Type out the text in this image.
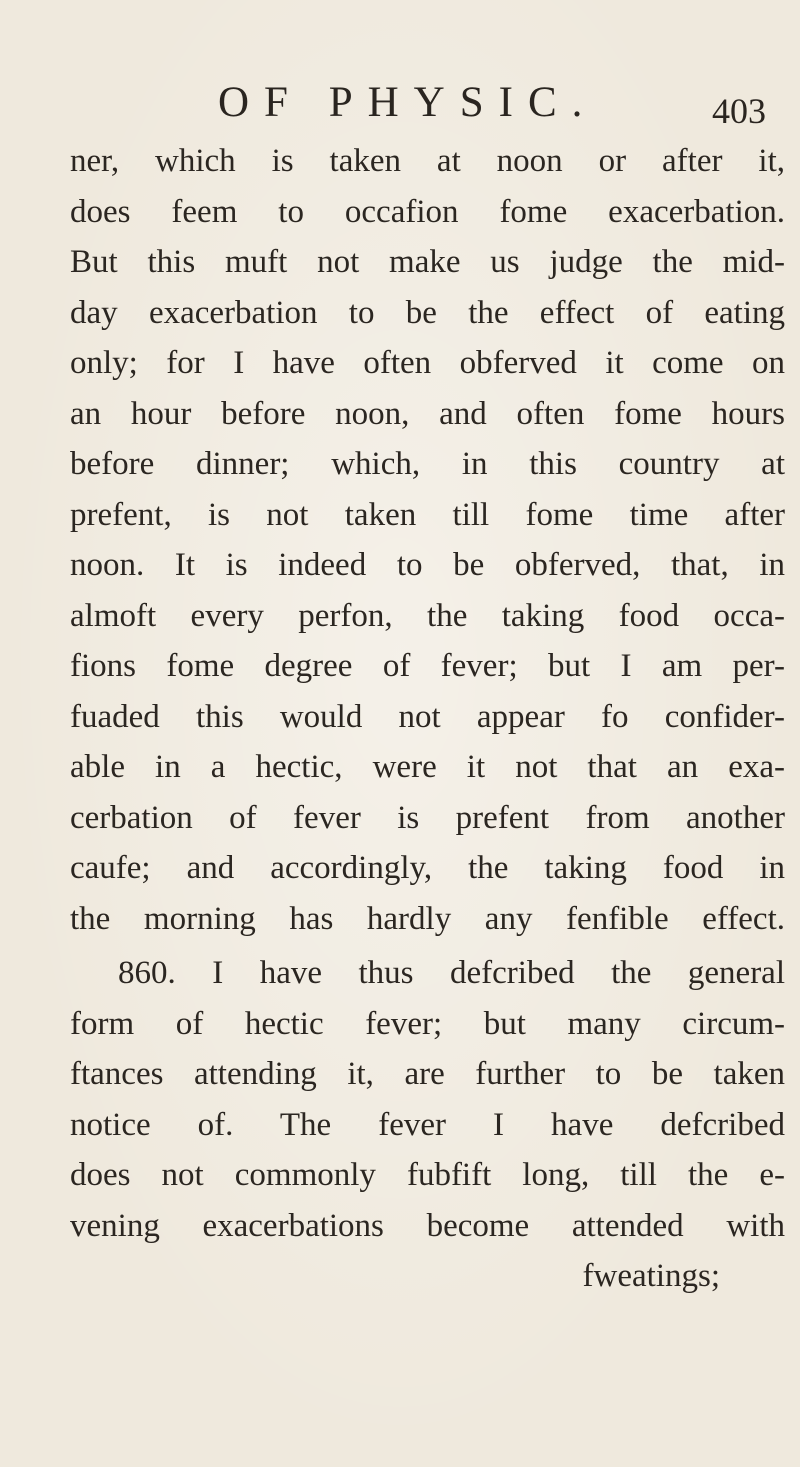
OF PHYSIC.	403
ner, which is taken at noon or after it,
does feem to occafion fome exacerbation.
But this muft not make us judge the mid-
day exacerbation to be the effect of eating
only; for I have often obferved it come on
an hour before noon, and often fome hours
before dinner; which, in this country at
prefent, is not taken till fome time after
noon. It is indeed to be obferved, that, in
almoft every perfon, the taking food occa-
fions fome degree of fever; but I am per-
fuaded this would not appear fo confider-
able in a hectic, were it not that an exa-
cerbation of fever is prefent from another
caufe; and accordingly, the taking food in
the morning has hardly any fenfible effect.
860. I have thus defcribed the general
form of hectic fever; but many circum-
ftances attending it, are further to be taken
notice of. The fever I have defcribed
does not commonly fubfift long, till the e-
vening exacerbations become attended with
fweatings;
